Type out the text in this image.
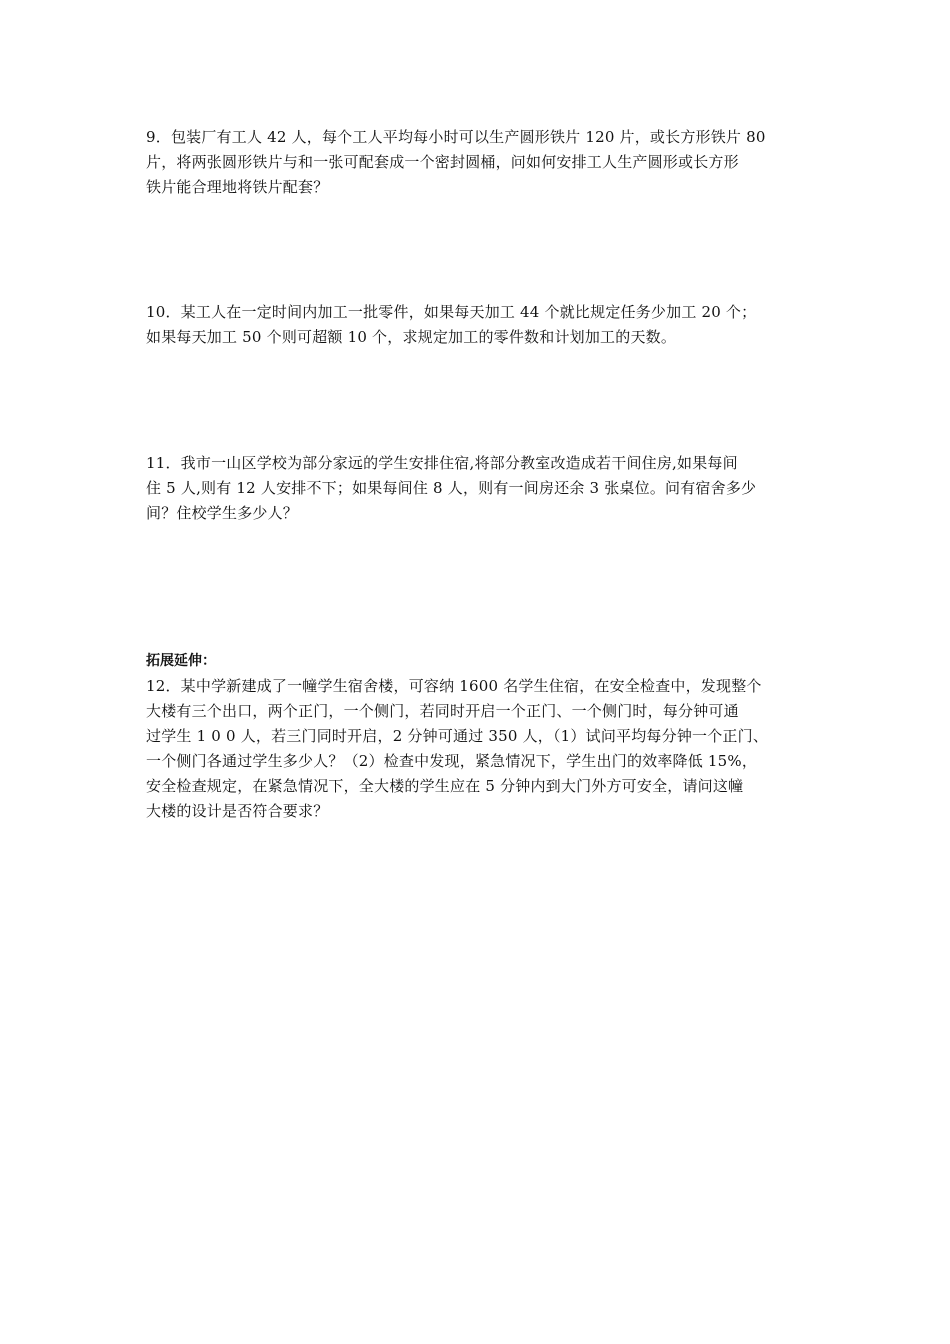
9．包装厂有工人 42 人，每个工人平均每小时可以生产圆形铁片 120 片，或长方形铁片 80
片，将两张圆形铁片与和一张可配套成一个密封圆桶，问如何安排工人生产圆形或长方形
铁片能合理地将铁片配套？
10．某工人在一定时间内加工一批零件，如果每天加工 44 个就比规定任务少加工 20 个；
如果每天加工 50 个则可超额 10 个，求规定加工的零件数和计划加工的天数。
11．我市一山区学校为部分家远的学生安排住宿,将部分教室改造成若干间住房,如果每间
住 5 人,则有 12 人安排不下；如果每间住 8 人，则有一间房还余 3 张桌位。问有宿舍多少
间？住校学生多少人？
拓展延伸：
12．某中学新建成了一幢学生宿舍楼，可容纳 1600 名学生住宿，在安全检查中，发现整个
大楼有三个出口，两个正门，一个侧门，若同时开启一个正门、一个侧门时，每分钟可通
过学生 1 0 0 人，若三门同时开启，2 分钟可通过 350 人，（1）试问平均每分钟一个正门、
一个侧门各通过学生多少人？（2）检查中发现，紧急情况下，学生出门的效率降低 15%，
安全检查规定，在紧急情况下，全大楼的学生应在 5 分钟内到大门外方可安全，请问这幢
大楼的设计是否符合要求？
